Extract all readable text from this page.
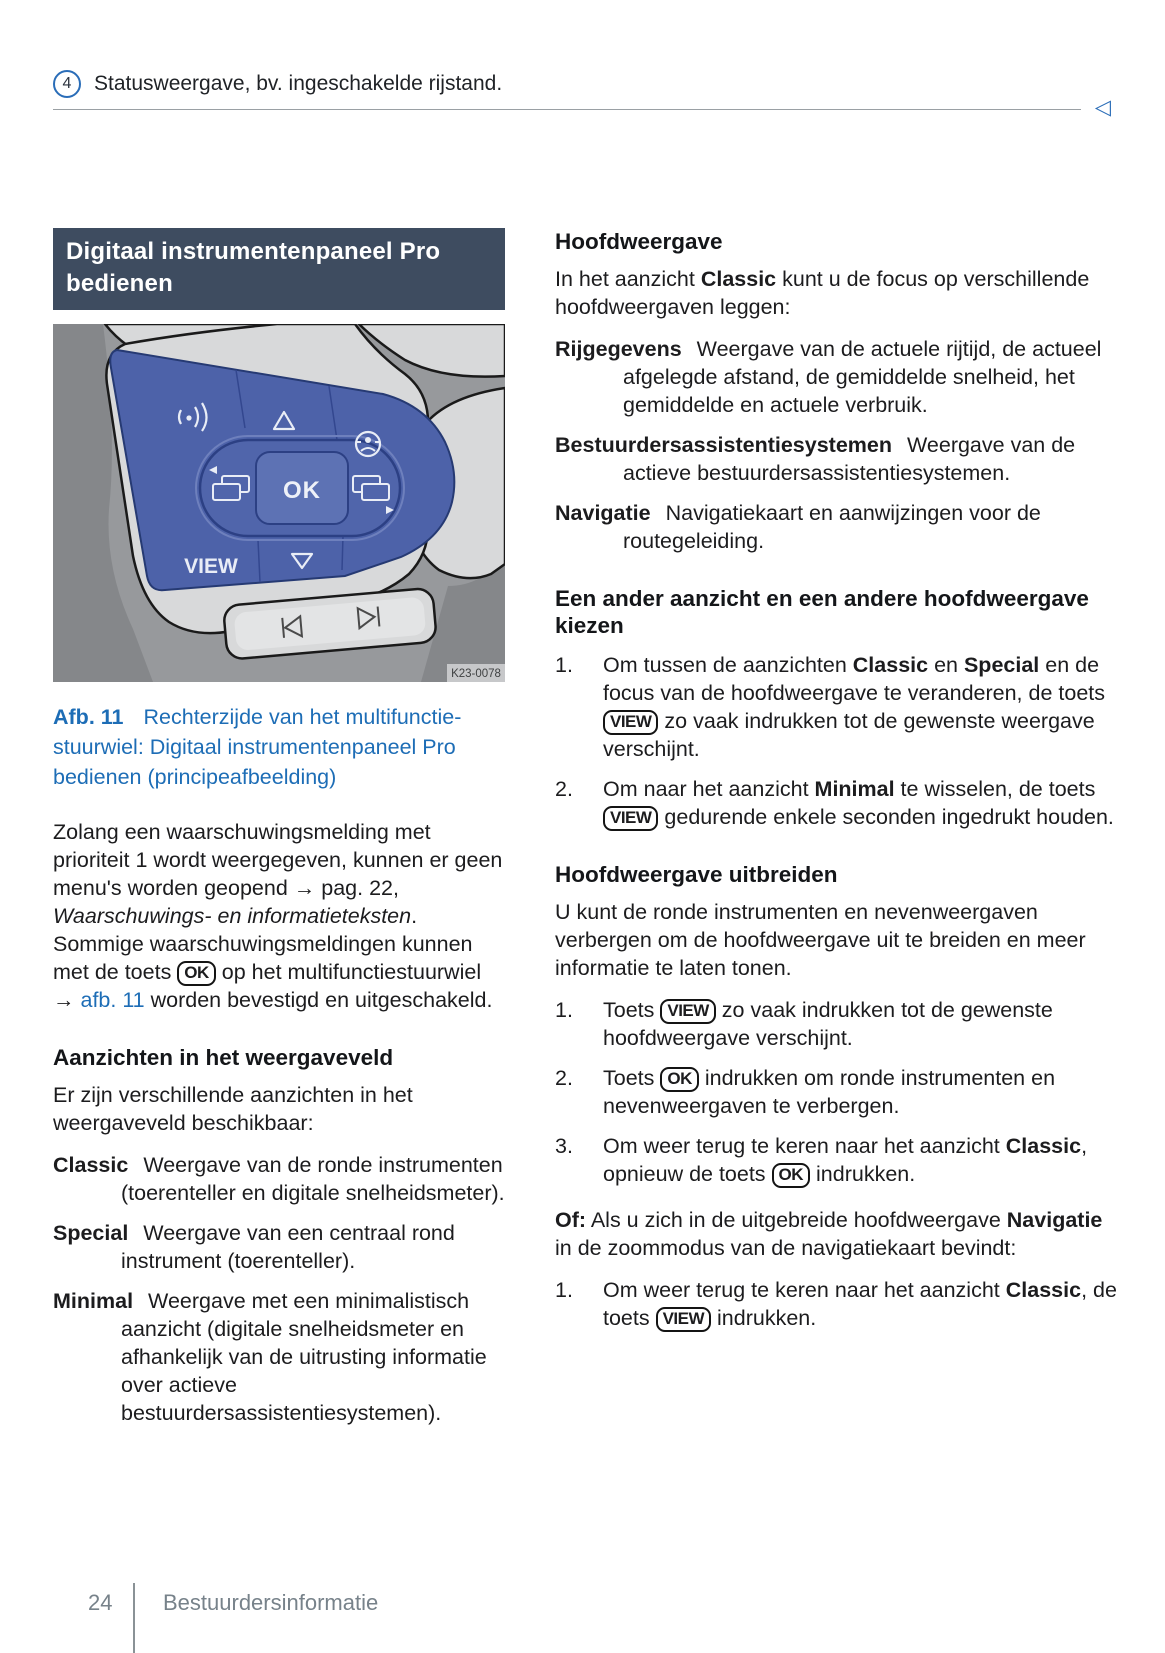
4	Statusweergave, bv. ingeschakelde rijstand.
◁
Digitaal instrumentenpaneel Pro bedienen
OK
VIEW
K23-0078

Afb. 11 Rechterzijde van het multifunctie-
stuurwiel: Digitaal instrumentenpaneel Pro
bedienen (principeafbeelding)

Zolang een waarschuwingsmelding met prioriteit 1 wordt weergegeven, kunnen er geen menu's worden geopend → pag. 22, Waarschuwings- en informatieteksten. Sommige waarschuwingsmeldingen kunnen met de toets OK op het multifunctiestuurwiel → afb. 11 worden bevestigd en uitgeschakeld.

Aanzichten in het weergaveveld

Er zijn verschillende aanzichten in het weergaveveld beschikbaar:

Classic Weergave van de ronde instrumenten (toerenteller en digitale snelheidsmeter).

Special Weergave van een centraal rond instrument (toerenteller).

Minimal Weergave met een minimalistisch aanzicht (digitale snelheidsmeter en afhankelijk van de uitrusting informatie over actieve bestuurdersassistentiesystemen).

Hoofdweergave

In het aanzicht Classic kunt u de focus op verschillende hoofdweergaven leggen:

Rijgegevens Weergave van de actuele rijtijd, de actueel afgelegde afstand, de gemiddelde snelheid, het gemiddelde en actuele verbruik.

Bestuurdersassistentiesystemen Weergave van de actieve bestuurdersassistentiesystemen.

Navigatie Navigatiekaart en aanwijzingen voor de routegeleiding.

Een ander aanzicht en een andere hoofdweergave kiezen
1.	Om tussen de aanzichten Classic en Special en de focus van de hoofdweergave te veranderen, de toets VIEW zo vaak indrukken tot de gewenste weergave verschijnt.
2.	Om naar het aanzicht Minimal te wisselen, de toets VIEW gedurende enkele seconden ingedrukt houden.
Hoofdweergave uitbreiden

U kunt de ronde instrumenten en nevenweergaven verbergen om de hoofdweergave uit te breiden en meer informatie te laten tonen.

1.	Toets VIEW zo vaak indrukken tot de gewenste hoofdweergave verschijnt.
2.	Toets OK indrukken om ronde instrumenten en nevenweergaven te verbergen.
3.	Om weer terug te keren naar het aanzicht Classic, opnieuw de toets OK indrukken.

Of: Als u zich in de uitgebreide hoofdweergave Navigatie in de zoommodus van de navigatiekaart bevindt:

1.	Om weer terug te keren naar het aanzicht Classic, de toets VIEW indrukken.
24 Bestuurdersinformatie
